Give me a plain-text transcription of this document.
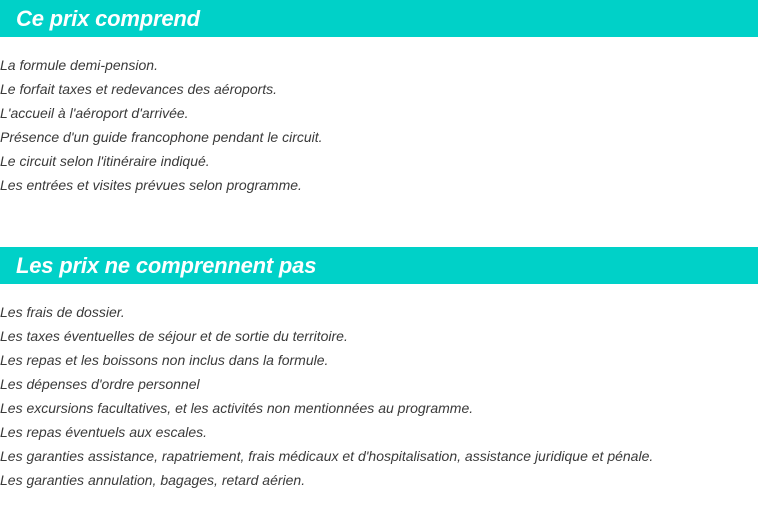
Ce prix comprend
La formule demi-pension.
Le forfait taxes et redevances des aéroports.
L'accueil à l'aéroport d'arrivée.
Présence d'un guide francophone pendant le circuit.
Le circuit selon l'itinéraire indiqué.
Les entrées et visites prévues selon programme.
Les prix ne comprennent pas
Les frais de dossier.
Les taxes éventuelles de séjour et de sortie du territoire.
Les repas et les boissons non inclus dans la formule.
Les dépenses d'ordre personnel
Les excursions facultatives, et les activités non mentionnées au programme.
Les repas éventuels aux escales.
Les garanties assistance, rapatriement, frais médicaux et d'hospitalisation, assistance juridique et pénale.
Les garanties annulation, bagages, retard aérien.
